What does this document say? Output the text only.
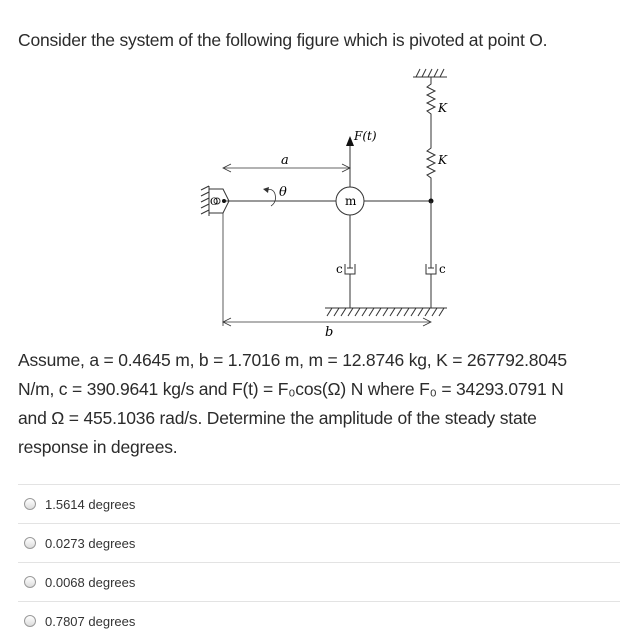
Consider the system of the following figure which is pivoted at point O.
K
K
F(t)
a
O
θ
m
c	c
b
Assume, a = 0.4645 m, b = 1.7016 m, m = 12.8746 kg, K = 267792.8045
N/m, c = 390.9641 kg/s and F(t) = F₀cos(Ω) N where F₀ = 34293.0791 N
and Ω = 455.1036 rad/s. Determine the amplitude of the steady state
response in degrees.
1.5614 degrees
0.0273 degrees
0.0068 degrees
0.7807 degrees
